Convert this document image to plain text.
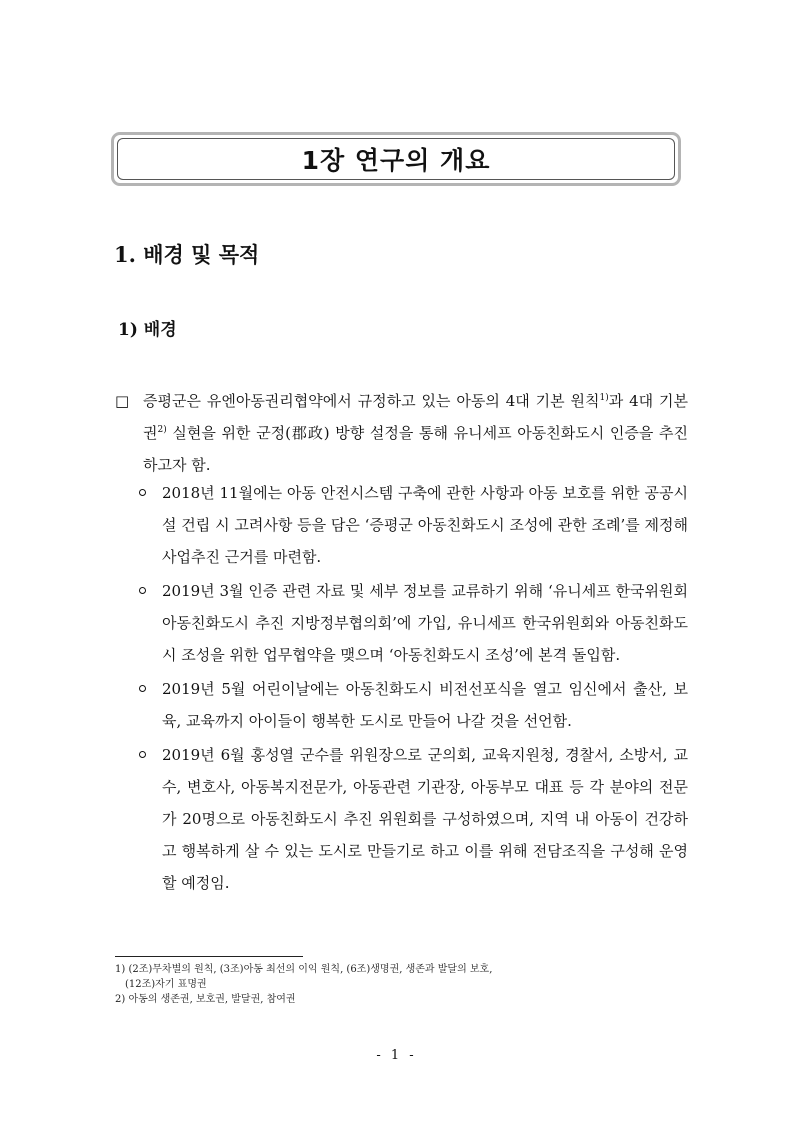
1장 연구의 개요
1. 배경 및 목적
1) 배경
□ 증평군은 유엔아동권리협약에서 규정하고 있는 아동의 4대 기본 원칙$^{1)}$과 4대 기본권$^{2)}$ 실현을 위한 군정(郡政) 방향 설정을 통해 유니세프 아동친화도시 인증을 추진하고자 함.
2018년 11월에는 아동 안전시스템 구축에 관한 사항과 아동 보호를 위한 공공시설 건립 시 고려사항 등을 담은 ‘증평군 아동친화도시 조성에 관한 조례’를 제정해 사업추진 근거를 마련함.
2019년 3월 인증 관련 자료 및 세부 정보를 교류하기 위해 ‘유니세프 한국위원회 아동친화도시 추진 지방정부협의회’에 가입, 유니세프 한국위원회와 아동친화도시 조성을 위한 업무협약을 맺으며 ‘아동친화도시 조성’에 본격 돌입함.
2019년 5월 어린이날에는 아동친화도시 비전선포식을 열고 임신에서 출산, 보육, 교육까지 아이들이 행복한 도시로 만들어 나갈 것을 선언함.
2019년 6월 홍성열 군수를 위원장으로 군의회, 교육지원청, 경찰서, 소방서, 교수, 변호사, 아동복지전문가, 아동관련 기관장, 아동부모 대표 등 각 분야의 전문가 20명으로 아동친화도시 추진 위원회를 구성하였으며, 지역 내 아동이 건강하고 행복하게 살 수 있는 도시로 만들기로 하고 이를 위해 전담조직을 구성해 운영할 예정임.
1) (2조)무차별의 원칙, (3조)아동 최선의 이익 원칙, (6조)생명권, 생존과 발달의 보호,
(12조)자기 표명권
2) 아동의 생존권, 보호권, 발달권, 참여권
- 1 -
